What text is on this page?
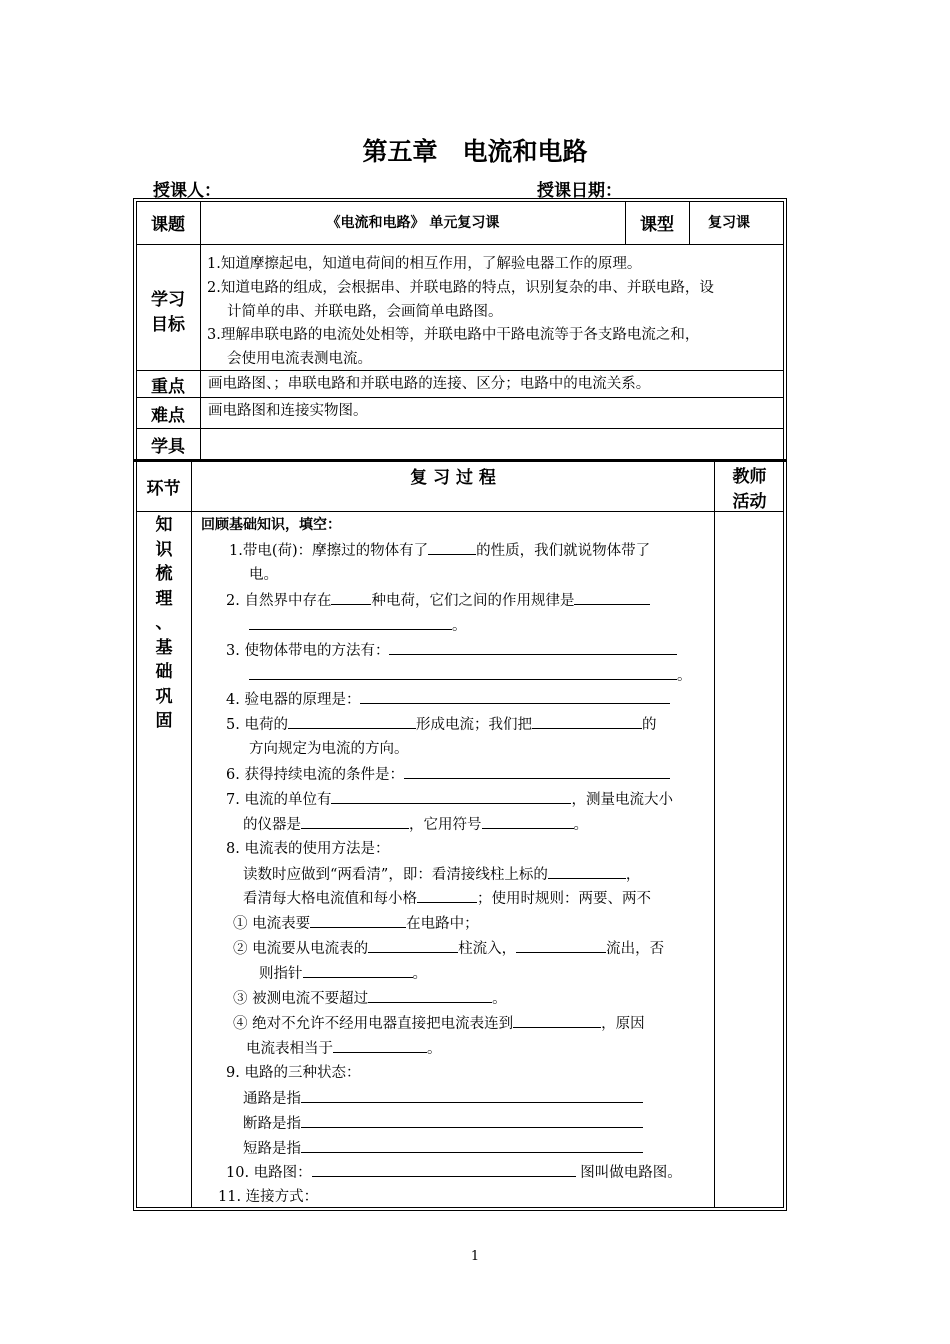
第五章　电流和电路
授课人：	授课日期：
课题	《电流和电路》 单元复习课	课型	复习课
学习
目标
1.知道摩擦起电，知道电荷间的相互作用，了解验电器工作的原理。
2.知道电路的组成，会根据串、并联电路的特点，识别复杂的串、并联电路，设
计简单的串、并联电路，会画简单电路图。
3.理解串联电路的电流处处相等，并联电路中干路电流等于各支路电流之和，
会使用电流表测电流。
重点	画电路图、；串联电路和并联电路的连接、区分；电路中的电流关系。
难点	画电路图和连接实物图。
学具
环节
复 习 过 程	教师
活动
知
识
梳
理
、
基
础
巩
固
回顾基础知识，填空：
1.带电(荷)：摩擦过的物体有了	的性质，我们就说物体带了
电。
2. 自然界中存在	种电荷，它们之间的作用规律是
。
3. 使物体带电的方法有：
。
4. 验电器的原理是：
5. 电荷的	形成电流；我们把	的
方向规定为电流的方向。
6. 获得持续电流的条件是：
7. 电流的单位有	，测量电流大小
的仪器是	，它用符号	。
8. 电流表的使用方法是：
读数时应做到“两看清”，即：看清接线柱上标的	，
看清每大格电流值和每小格	；使用时规则：两要、两不
① 电流表要	在电路中；
② 电流要从电流表的	柱流入，	流出，否
则指针	。
③ 被测电流不要超过	。
④ 绝对不允许不经用电器直接把电流表连到	，原因
电流表相当于	。
9. 电路的三种状态：
通路是指
断路是指
短路是指
10. 电路图：	图叫做电路图。
11. 连接方式：
1
